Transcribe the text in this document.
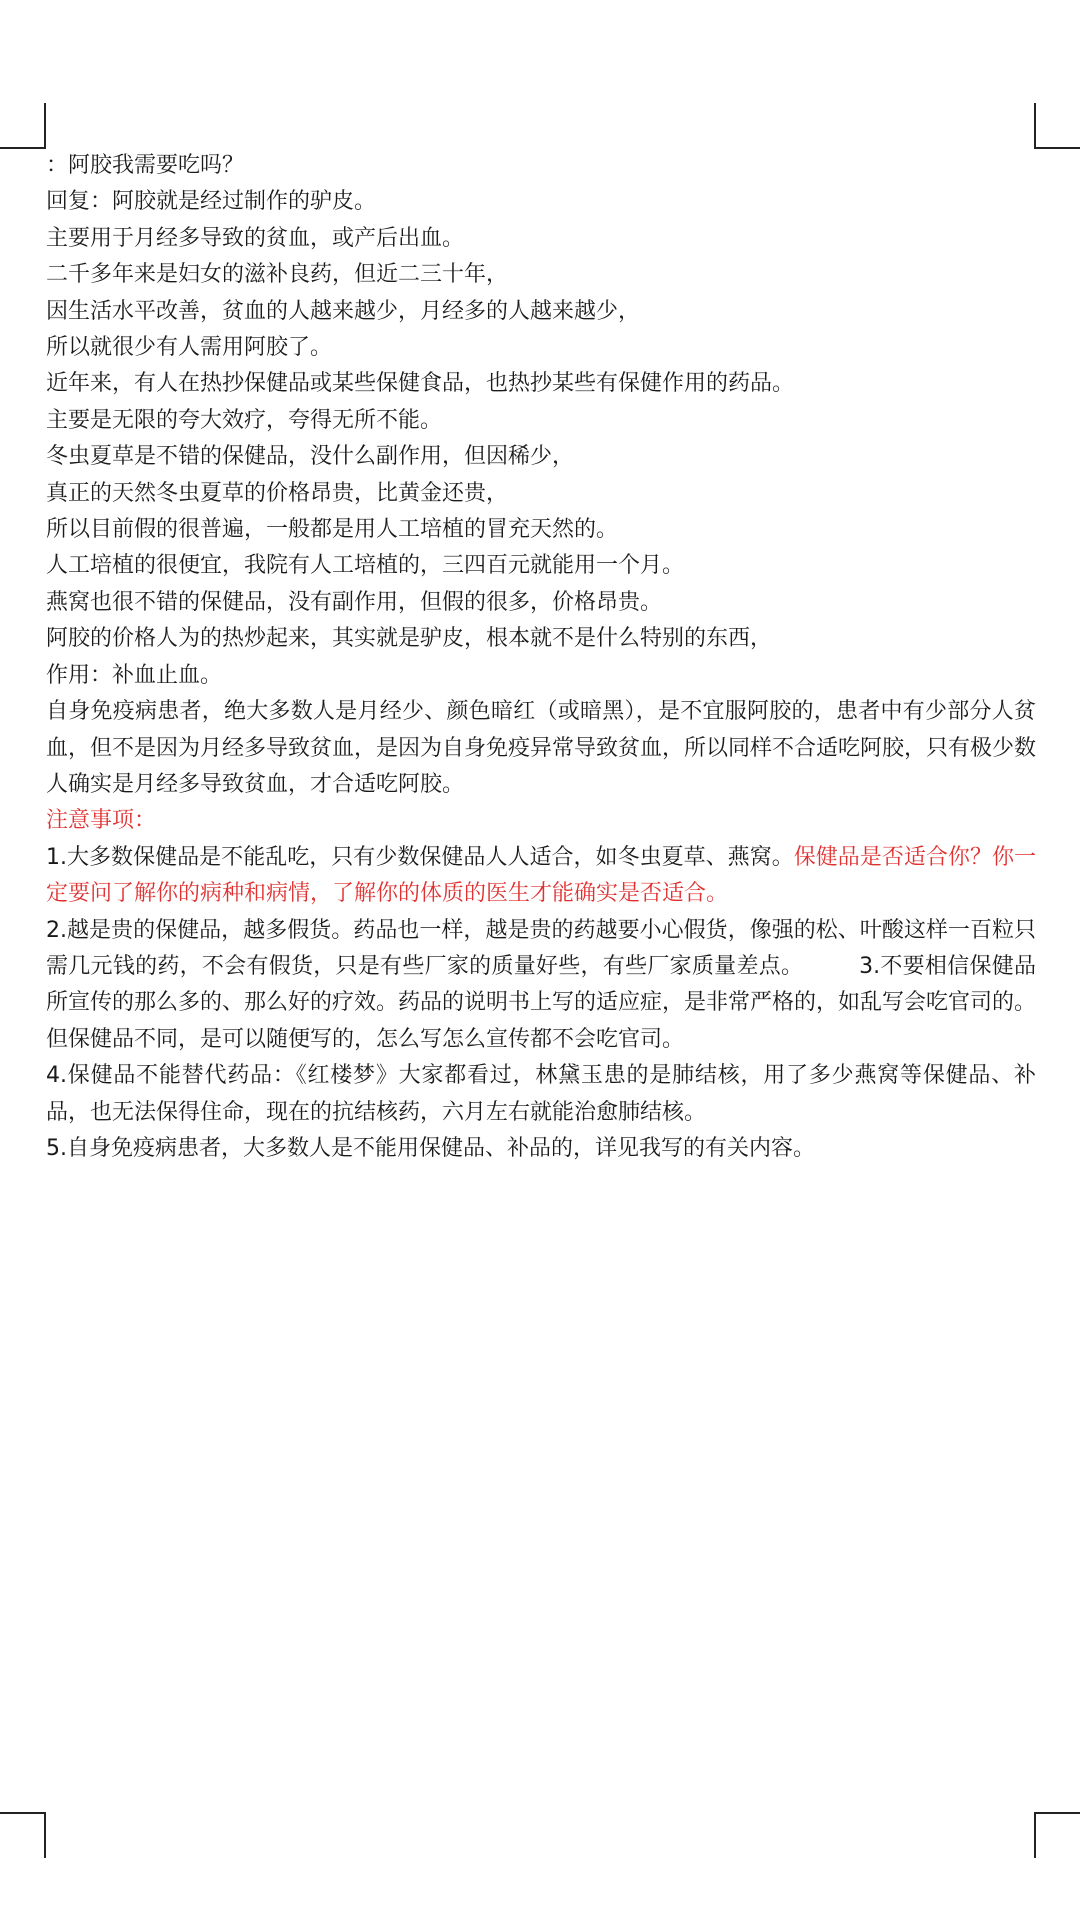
：阿胶我需要吃吗？

回复：阿胶就是经过制作的驴皮。

主要用于月经多导致的贫血，或产后出血。

二千多年来是妇女的滋补良药，但近二三十年，

因生活水平改善，贫血的人越来越少，月经多的人越来越少，

所以就很少有人需用阿胶了。

近年来，有人在热抄保健品或某些保健食品，也热抄某些有保健作用的药品。

主要是无限的夸大效疗，夸得无所不能。

冬虫夏草是不错的保健品，没什么副作用，但因稀少，

真正的天然冬虫夏草的价格昂贵，比黄金还贵，

所以目前假的很普遍，一般都是用人工培植的冒充天然的。

人工培植的很便宜，我院有人工培植的，三四百元就能用一个月。

燕窝也很不错的保健品，没有副作用，但假的很多，价格昂贵。

阿胶的价格人为的热炒起来，其实就是驴皮，根本就不是什么特别的东西，

作用：补血止血。

自身免疫病患者，绝大多数人是月经少、颜色暗红（或暗黑），是不宜服阿胶的，患者中有少部分人贫血，但不是因为月经多导致贫血，是因为自身免疫异常导致贫血，所以同样不合适吃阿胶，只有极少数人确实是月经多导致贫血，才合适吃阿胶。

注意事项：

1.大多数保健品是不能乱吃，只有少数保健品人人适合，如冬虫夏草、燕窝。保健品是否适合你？你一定要问了解你的病种和病情，了解你的体质的医生才能确实是否适合。

2.越是贵的保健品，越多假货。药品也一样，越是贵的药越要小心假货，像强的松、叶酸这样一百粒只需几元钱的药，不会有假货，只是有些厂家的质量好些，有些厂家质量差点。　　　3.不要相信保健品所宣传的那么多的、那么好的疗效。药品的说明书上写的适应症，是非常严格的，如乱写会吃官司的。但保健品不同，是可以随便写的，怎么写怎么宣传都不会吃官司。

4.保健品不能替代药品：《红楼梦》大家都看过，林黛玉患的是肺结核，用了多少燕窝等保健品、补品，也无法保得住命，现在的抗结核药，六月左右就能治愈肺结核。

5.自身免疫病患者，大多数人是不能用保健品、补品的，详见我写的有关内容。
